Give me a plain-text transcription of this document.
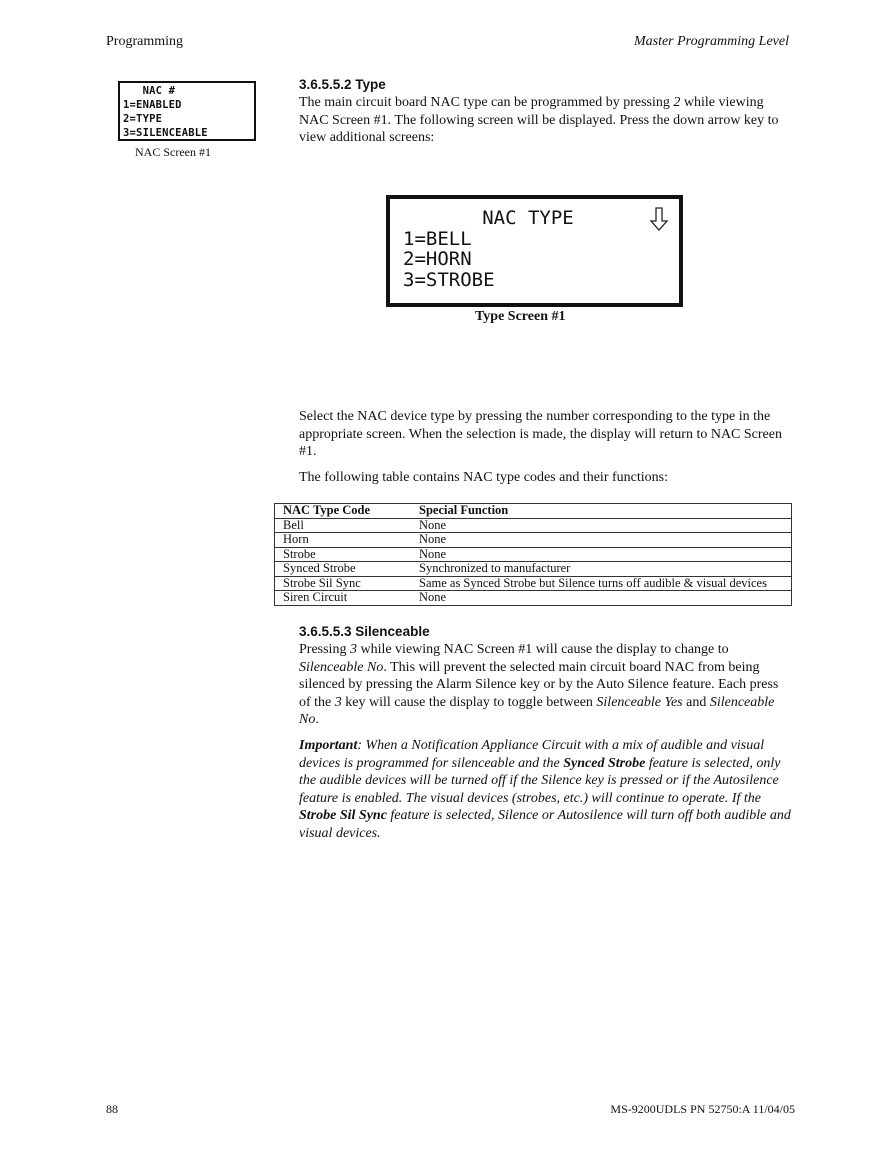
Programming	Master Programming Level
NAC #
1=ENABLED
2=TYPE
3=SILENCEABLE
NAC Screen #1
3.6.5.5.2 Type
The main circuit board NAC type can be programmed by pressing 2 while viewing NAC Screen #1. The following screen will be displayed. Press the down arrow key to view additional screens:
NAC TYPE
1=BELL
2=HORN
3=STROBE
Type Screen #1
Select the NAC device type by pressing the number corresponding to the type in the appropriate screen. When the selection is made, the display will return to NAC Screen #1.
The following table contains NAC type codes and their functions:
NAC Type Code	Special Function
Bell	None
Horn	None
Strobe	None
Synced Strobe	Synchronized to manufacturer
Strobe Sil Sync	Same as Synced Strobe but Silence turns off audible & visual devices
Siren Circuit	None
3.6.5.5.3 Silenceable
Pressing 3 while viewing NAC Screen #1 will cause the display to change to Silenceable No. This will prevent the selected main circuit board NAC from being silenced by pressing the Alarm Silence key or by the Auto Silence feature. Each press of the 3 key will cause the display to toggle between Silenceable Yes and Silenceable No.
Important: When a Notification Appliance Circuit with a mix of audible and visual devices is programmed for silenceable and the Synced Strobe feature is selected, only the audible devices will be turned off if the Silence key is pressed or if the Autosilence feature is enabled. The visual devices (strobes, etc.) will continue to operate. If the Strobe Sil Sync feature is selected, Silence or Autosilence will turn off both audible and visual devices.
88	MS-9200UDLS PN 52750:A 11/04/05
